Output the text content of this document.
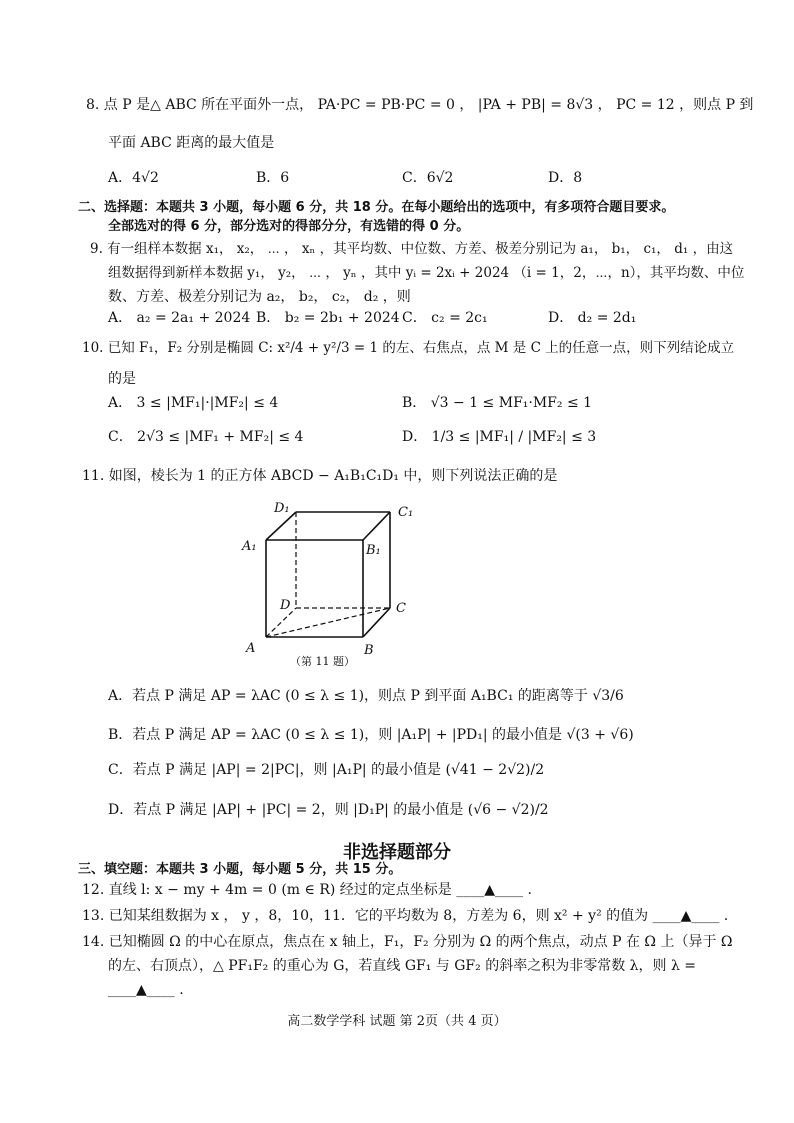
8. 点 P 是△ ABC 所在平面外一点， PA·PC = PB·PC = 0 ， |PA + PB| = 8√3 ， PC = 12 ，则点 P 到
平面 ABC 距离的最大值是
A．4√2	B．6	C．6√2	D．8
二、选择题：本题共 3 小题，每小题 6 分，共 18 分。在每小题给出的选项中，有多项符合题目要求。
全部选对的得 6 分，部分选对的得部分分，有选错的得 0 分。
9. 有一组样本数据 x₁， x₂， ⋯ ， xₙ ，其平均数、中位数、方差、极差分别记为 a₁， b₁， c₁， d₁ ，由这
组数据得到新样本数据 y₁， y₂， ⋯ ， yₙ ，其中 yᵢ = 2xᵢ + 2024 （i = 1，2，⋯，n），其平均数、中位
数、方差、极差分别记为 a₂， b₂， c₂， d₂ ，则
A． a₂ = 2a₁ + 2024 B． b₂ = 2b₁ + 2024 C． c₂ = 2c₁	D． d₂ = 2d₁
10. 已知 F₁，F₂ 分别是椭圆 C: x²/4 + y²/3 = 1 的左、右焦点，点 M 是 C 上的任意一点，则下列结论成立
的是
A． 3 ≤ |MF₁|·|MF₂| ≤ 4	B． √3 − 1 ≤ MF₁·MF₂ ≤ 1
C． 2√3 ≤ |MF₁ + MF₂| ≤ 4	D． 1/3 ≤ |MF₁| / |MF₂| ≤ 3
11. 如图，棱长为 1 的正方体 ABCD − A₁B₁C₁D₁ 中，则下列说法正确的是
D₁	C₁
A₁	B₁
D	C
A	B
（第 11 题）
A．若点 P 满足 AP = λAC (0 ≤ λ ≤ 1)，则点 P 到平面 A₁BC₁ 的距离等于 √3/6
B．若点 P 满足 AP = λAC (0 ≤ λ ≤ 1)，则 |A₁P| + |PD₁| 的最小值是 √(3 + √6)
C．若点 P 满足 |AP| = 2|PC|，则 |A₁P| 的最小值是 (√41 − 2√2)/2
D．若点 P 满足 |AP| + |PC| = 2，则 |D₁P| 的最小值是 (√6 − √2)/2
非选择题部分
三、填空题：本题共 3 小题，每小题 5 分，共 15 分。
12. 直线 l: x − my + 4m = 0 (m ∈ R) 经过的定点坐标是 ____▲____ .
13. 已知某组数据为 x ， y ，8，10，11．它的平均数为 8，方差为 6，则 x² + y² 的值为 ____▲____ .
14. 已知椭圆 Ω 的中心在原点，焦点在 x 轴上，F₁，F₂ 分别为 Ω 的两个焦点，动点 P 在 Ω 上（异于 Ω
的左、右顶点），△ PF₁F₂ 的重心为 G，若直线 GF₁ 与 GF₂ 的斜率之积为非零常数 λ，则 λ =
____▲____ .
高二数学学科 试题 第 2页（共 4 页）
